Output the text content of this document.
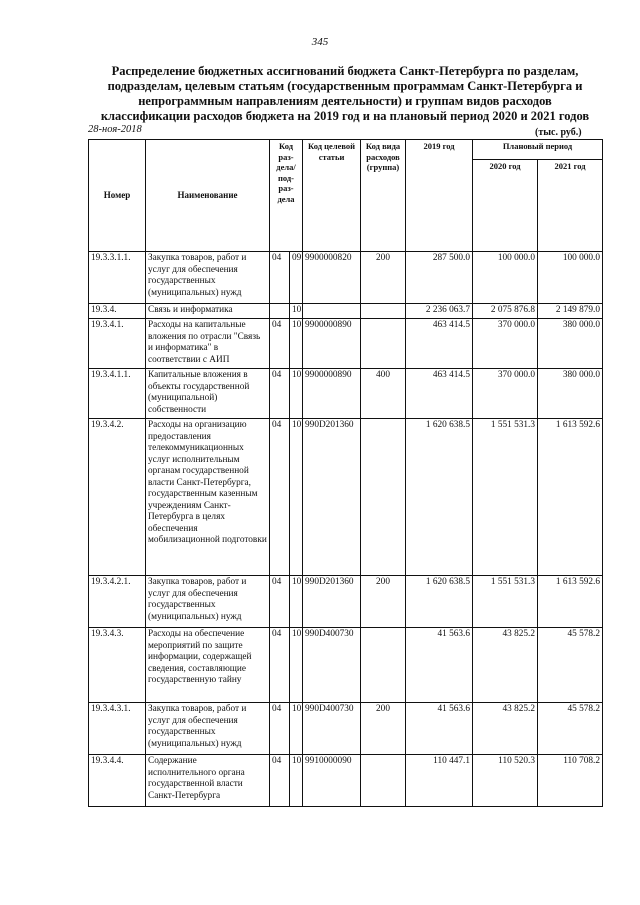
345
Распределение бюджетных ассигнований бюджета Санкт-Петербурга по разделам, подразделам, целевым статьям (государственным программам Санкт-Петербурга и непрограммным направлениям деятельности) и группам видов расходов классификации расходов бюджета на 2019 год и на плановый период 2020 и 2021 годов
28-ноя-2018	(тыс. руб.)
Номер	Наименование	Код раз-дела/ под-раз-дела		Код целевой статьи	Код вида расходов (группа)	2019 год	Плановый период	
							2020 год	2021 год
19.3.3.1.1.	Закупка товаров, работ и услуг для обеспечения государственных (муниципальных) нужд	04	09	9900000820	200	287 500.0	100 000.0	100 000.0
19.3.4.	Связь и информатика		10			2 236 063.7	2 075 876.8	2 149 879.0
19.3.4.1.	Расходы на капитальные вложения по отрасли "Связь и информатика" в соответствии с АИП	04	10	9900000890		463 414.5	370 000.0	380 000.0
19.3.4.1.1.	Капитальные вложения в объекты государственной (муниципальной) собственности	04	10	9900000890	400	463 414.5	370 000.0	380 000.0
19.3.4.2.	Расходы на организацию предоставления телекоммуникационных услуг исполнительным органам государственной власти Санкт-Петербурга, государственным казенным учреждениям Санкт-Петербурга в целях обеспечения мобилизационной подготовки	04	10	990D201360		1 620 638.5	1 551 531.3	1 613 592.6
19.3.4.2.1.	Закупка товаров, работ и услуг для обеспечения государственных (муниципальных) нужд	04	10	990D201360	200	1 620 638.5	1 551 531.3	1 613 592.6
19.3.4.3.	Расходы на обеспечение мероприятий по защите информации, содержащей сведения, составляющие государственную тайну	04	10	990D400730		41 563.6	43 825.2	45 578.2
19.3.4.3.1.	Закупка товаров, работ и услуг для обеспечения государственных (муниципальных) нужд	04	10	990D400730	200	41 563.6	43 825.2	45 578.2
19.3.4.4.	Содержание исполнительного органа государственной власти Санкт-Петербурга	04	10	9910000090		110 447.1	110 520.3	110 708.2
